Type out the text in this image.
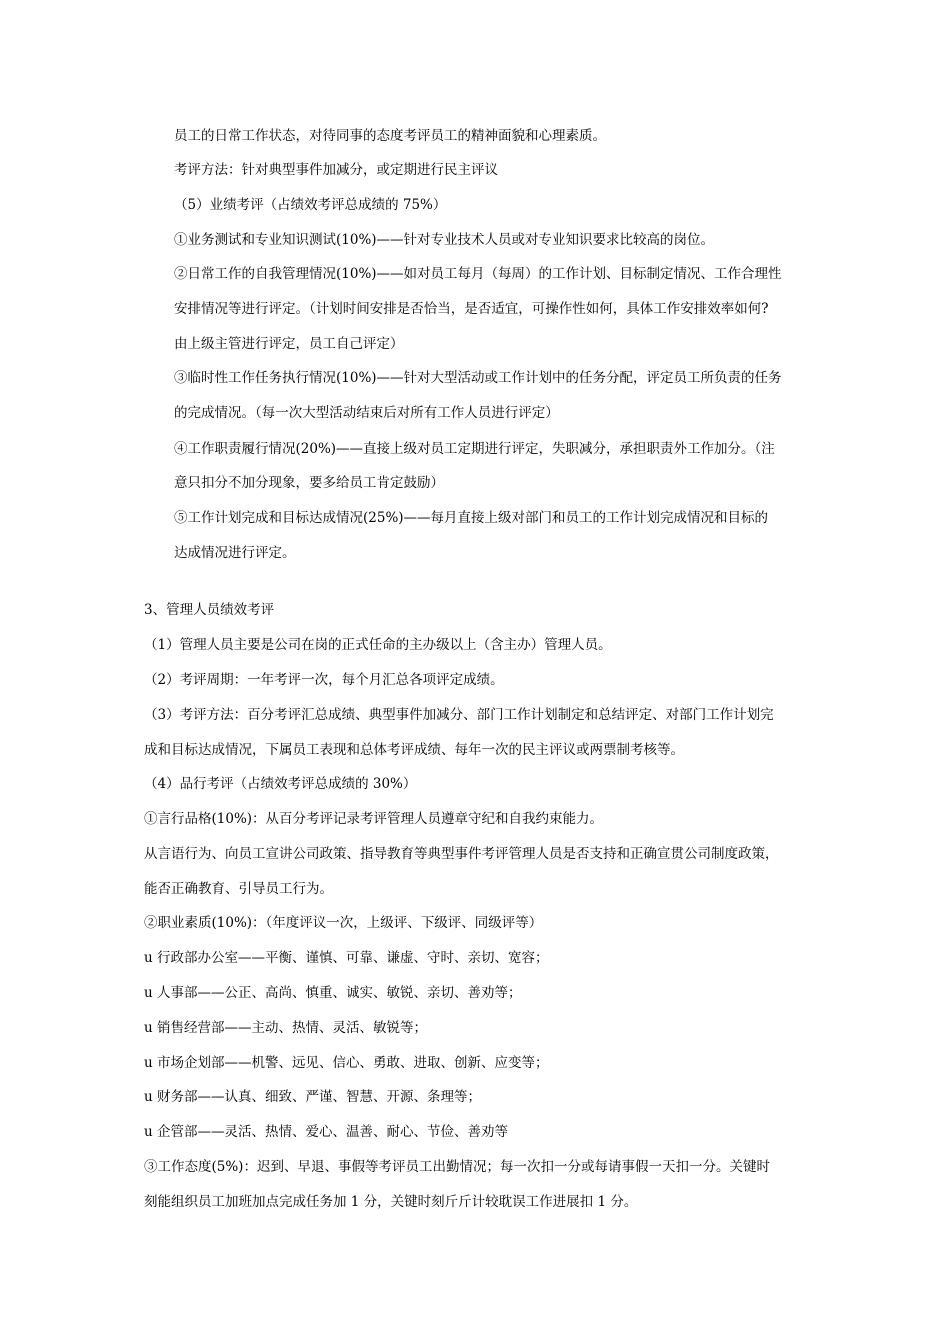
员工的日常工作状态，对待同事的态度考评员工的精神面貌和心理素质。
考评方法：针对典型事件加减分，或定期进行民主评议
（5）业绩考评（占绩效考评总成绩的 75%）
①业务测试和专业知识测试(10%)——针对专业技术人员或对专业知识要求比较高的岗位。
②日常工作的自我管理情况(10%)——如对员工每月（每周）的工作计划、目标制定情况、工作合理性
安排情况等进行评定。（计划时间安排是否恰当，是否适宜，可操作性如何，具体工作安排效率如何?
由上级主管进行评定，员工自己评定）
③临时性工作任务执行情况(10%)——针对大型活动或工作计划中的任务分配，评定员工所负责的任务
的完成情况。（每一次大型活动结束后对所有工作人员进行评定）
④工作职责履行情况(20%)——直接上级对员工定期进行评定，失职减分，承担职责外工作加分。（注
意只扣分不加分现象，要多给员工肯定鼓励）
⑤工作计划完成和目标达成情况(25%)——每月直接上级对部门和员工的工作计划完成情况和目标的
达成情况进行评定。
3、管理人员绩效考评
（1）管理人员主要是公司在岗的正式任命的主办级以上（含主办）管理人员。
（2）考评周期：一年考评一次，每个月汇总各项评定成绩。
（3）考评方法：百分考评汇总成绩、典型事件加减分、部门工作计划制定和总结评定、对部门工作计划完
成和目标达成情况，下属员工表现和总体考评成绩、每年一次的民主评议或两票制考核等。
（4）品行考评（占绩效考评总成绩的 30%）
①言行品格(10%)：从百分考评记录考评管理人员遵章守纪和自我约束能力。
从言语行为、向员工宣讲公司政策、指导教育等典型事件考评管理人员是否支持和正确宣贯公司制度政策，
能否正确教育、引导员工行为。
②职业素质(10%)：（年度评议一次，上级评、下级评、同级评等）
u 行政部办公室——平衡、谨慎、可靠、谦虚、守时、亲切、宽容；
u 人事部——公正、高尚、慎重、诚实、敏锐、亲切、善劝等；
u 销售经营部——主动、热情、灵活、敏锐等；
u 市场企划部——机警、远见、信心、勇敢、进取、创新、应变等；
u 财务部——认真、细致、严谨、智慧、开源、条理等；
u 企管部——灵活、热情、爱心、温善、耐心、节俭、善劝等
③工作态度(5%)：迟到、早退、事假等考评员工出勤情况；每一次扣一分或每请事假一天扣一分。关键时
刻能组织员工加班加点完成任务加 1 分，关键时刻斤斤计较耽误工作进展扣 1 分。
